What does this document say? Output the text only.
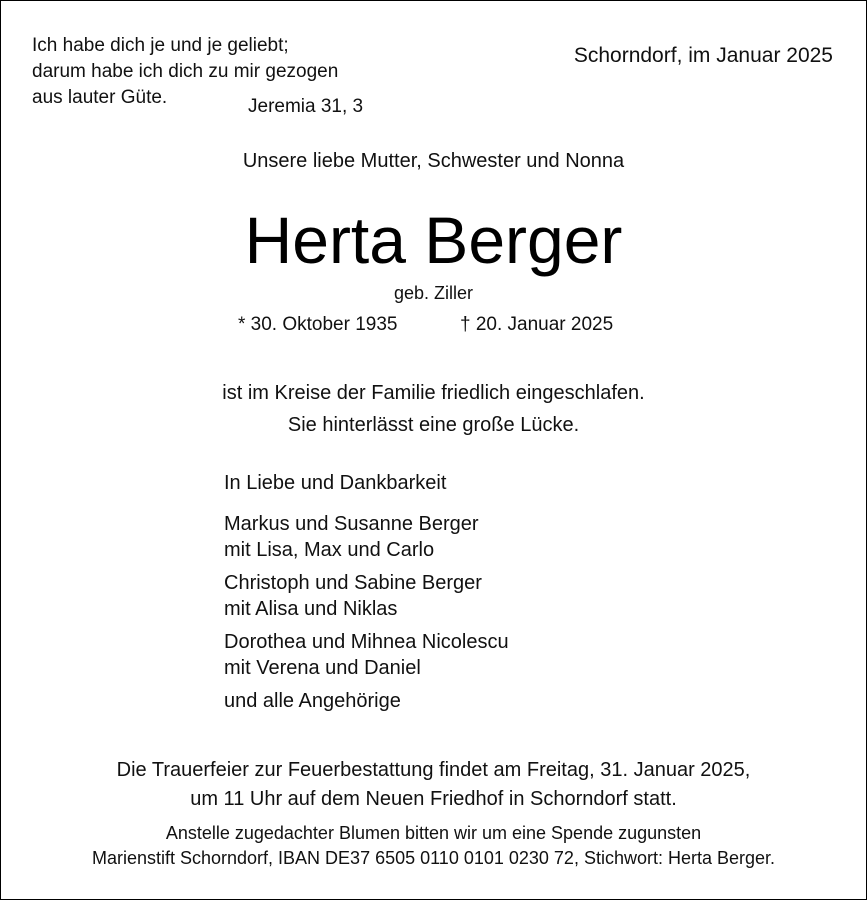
Ich habe dich je und je geliebt;
darum habe ich dich zu mir gezogen
aus lauter Güte.	Jeremia 31, 3
Schorndorf, im Januar 2025
Unsere liebe Mutter, Schwester und Nonna
Herta Berger
geb. Ziller
* 30. Oktober 1935	† 20. Januar 2025
ist im Kreise der Familie friedlich eingeschlafen.
Sie hinterlässt eine große Lücke.
In Liebe und Dankbarkeit
Markus und Susanne Berger
mit Lisa, Max und Carlo
Christoph und Sabine Berger
mit Alisa und Niklas
Dorothea und Mihnea Nicolescu
mit Verena und Daniel
und alle Angehörige
Die Trauerfeier zur Feuerbestattung findet am Freitag, 31. Januar 2025,
um 11 Uhr auf dem Neuen Friedhof in Schorndorf statt.
Anstelle zugedachter Blumen bitten wir um eine Spende zugunsten
Marienstift Schorndorf, IBAN DE37 6505 0110 0101 0230 72, Stichwort: Herta Berger.
